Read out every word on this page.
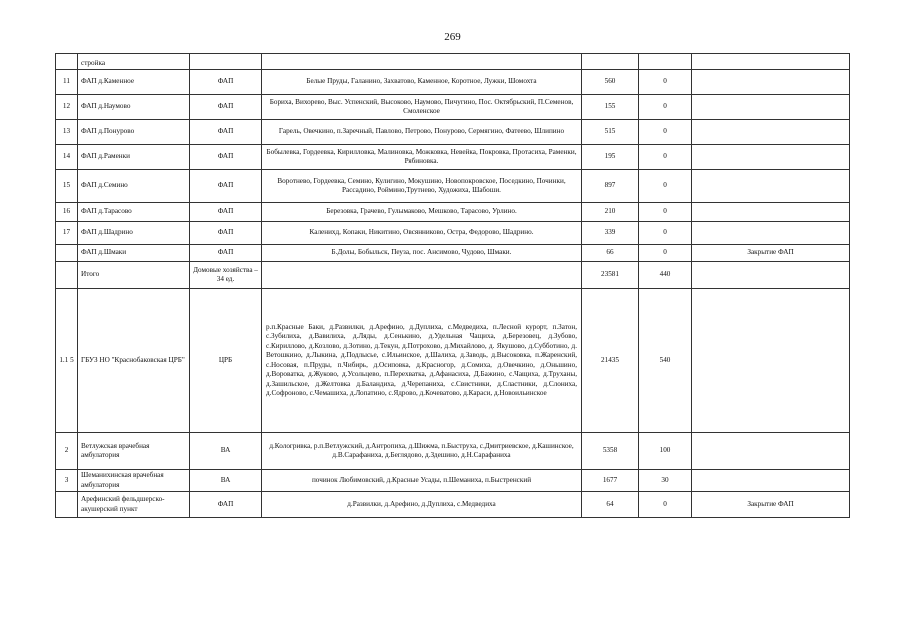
269
	стройка					
11	ФАП д.Каменное	ФАП	Белые Пруды, Галанино, Захватово, Каменное, Коротное, Лужки, Шомохта	560	0	
12	ФАП д.Наумово	ФАП	Бориха, Вихорево, Выс. Успенский, Высоково, Наумово, Пичугино, Пос. Октябрьский, П.Семенов, Смоленское	155	0	
13	ФАП д.Понурово	ФАП	Гарель, Овечкино, п.Заречный, Павлово, Петрово, Понурово, Сермягино, Фатеево, Шлипино	515	0	
14	ФАП д.Раменки	ФАП	Бобылевка, Гордеевка, Кирилловка, Малиновка, Можковка, Невейка, Покровка, Протасиха, Раменки, Рябиновка.	195	0	
15	ФАП д.Семино	ФАП	Воротнево, Гордеевка, Семино, Кулигино, Мокушино, Новопокровское, Поседкино, Починки, Рассадино, Роймино,Трутнево, Художиха, Шабоши.	897	0	
16	ФАП д.Тарасово	ФАП	Березовка, Грачево, Гулымаково, Мешково, Тарасово, Урлино.	210	0	
17	ФАП д.Шадрино	ФАП	Каленихд, Копаки, Никитино, Овсянниково, Острa, Федорово, Шадрино.	339	0	
	ФАП д.Шмаки	ФАП	Б.Долы, Бобыльск, Пеуза, пос. Ансимово, Чудово, Шмаки.	66	0	Закрытие ФАП
	Итого	Домовые хозяйства – 34 ед.		23581	440	
1.1 5	ГБУЗ НО "Краснобаковская ЦРБ"	ЦРБ	р.п.Красные Баки, д.Развилки, д.Арефино, д.Дуплиха, с.Медведиха, п.Лесной курорт, п.Затон, с.Зубилиха, д.Вавилиха, д.Ляды, д.Сенькино, д.Удельная Чащиха, д.Березовец, д.Зубово, с.Кириллово, д.Козлово, д.Зотино, д.Текун, д.Потрохово, д.Михайлово, д. Якушово, д.Субботино, д. Ветошкино, д.Лыкина, д.Подлысье, с.Ильинское, д.Шалиха, д.Заводь, д.Высоковка, п.Жаренский, с.Носовая, п.Пруды, п.Чибирь, д.Осиповка, д.Красногор, д.Сомиха, д.Овечкино, д.Оньшино, д.Вороватка, д.Жуково, д.Усольцево, п.Перехватка, д.Афанасиха, Д.Бажино, с.Чащиха, д.Труханы, д.Зашильское, д.Желтовка д.Баландиха, д.Черепаниха, с.Свистники, д.Сластники, д.Слониха, д.Софроново, с.Чемашиха, д.Лопатино, с.Ядрово, д.Кочеватово, д.Караси, д.Новоильинское	21435	540	
2	Ветлужская врачебная амбулатория	ВА	д.Кологривка, р.п.Ветлужский, д.Антропиха, д.Шижма, п.Быструха, с.Дмитриевское, д.Кашинское, д.В.Сарафаниха, д.Беглядово, д.Здешино, д.Н.Сарафаниха	5358	100	
3	Шеманихинская врачебная амбулатория	ВА	починок Любимовский, д.Красные Усады, п.Шеманиха, п.Быстренский	1677	30	
	Арефинский фельдшерско-акушерский пункт	ФАП	д.Развилки, д.Арефино, д.Дуплиха, с.Медведиха	64	0	Закрытие ФАП
